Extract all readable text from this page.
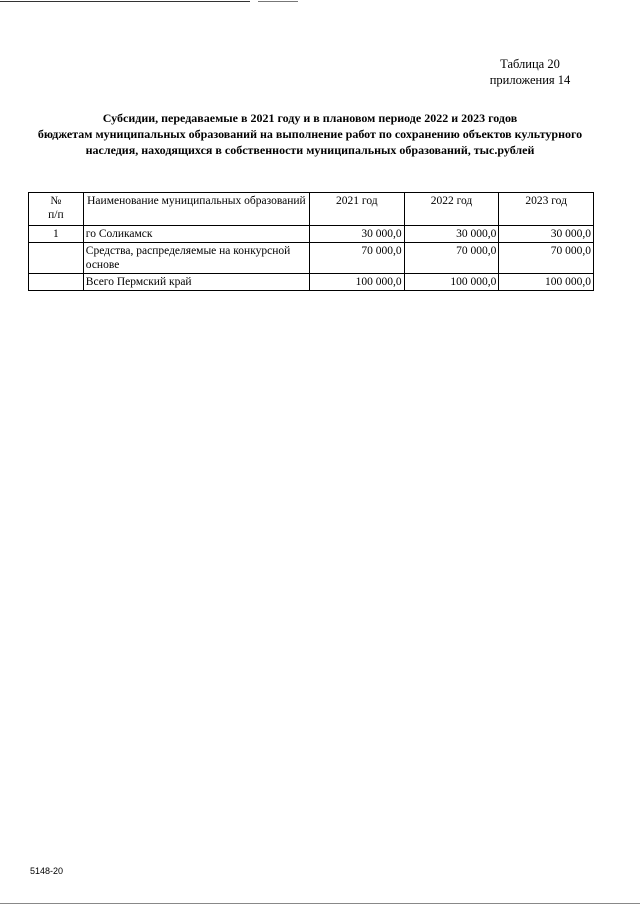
Таблица 20
приложения 14
Субсидии, передаваемые в 2021 году и в плановом периоде 2022 и 2023 годов
бюджетам муниципальных образований на выполнение работ по сохранению объектов культурного
наследия, находящихся в собственности муниципальных образований, тыс.рублей
№
п/п	Наименование муниципальных образований	2021 год	2022 год	2023 год
1	го Соликамск	30 000,0	30 000,0	30 000,0
	Средства, распределяемые на конкурсной основе	70 000,0	70 000,0	70 000,0
	Всего Пермский край	100 000,0	100 000,0	100 000,0
5148-20
